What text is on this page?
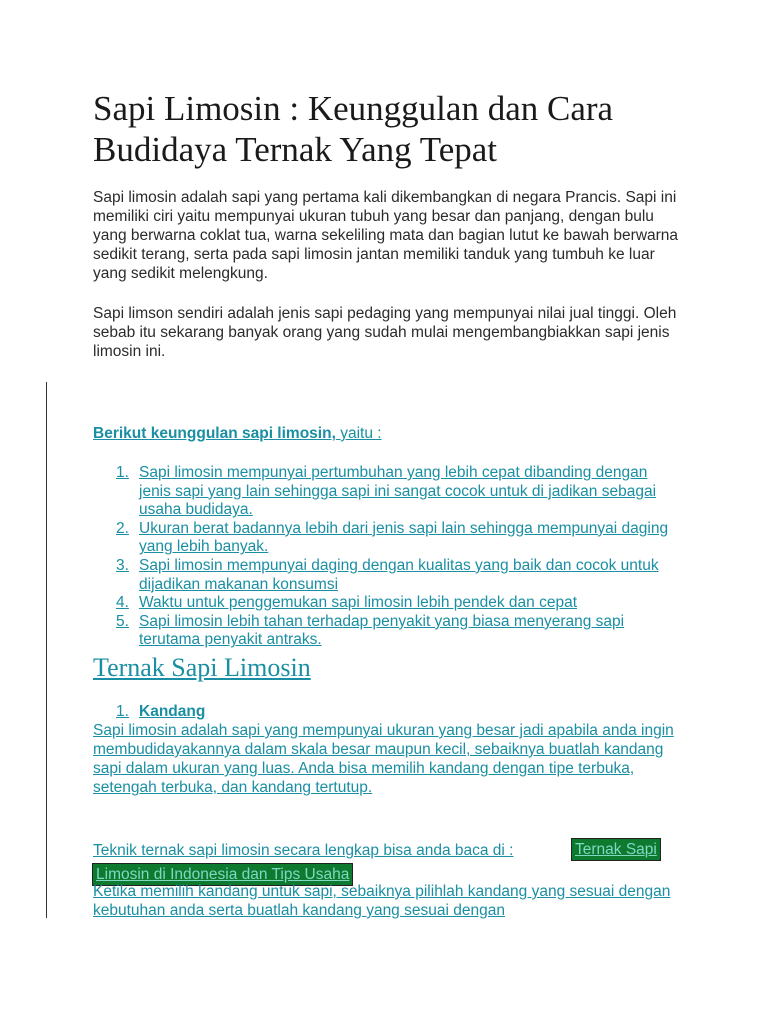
Sapi Limosin : Keunggulan dan Cara Budidaya Ternak Yang Tepat

Sapi limosin adalah sapi yang pertama kali dikembangkan di negara Prancis. Sapi ini memiliki ciri yaitu mempunyai ukuran tubuh yang besar dan panjang, dengan bulu yang berwarna coklat tua, warna sekeliling mata dan bagian lutut ke bawah berwarna sedikit terang, serta pada sapi limosin jantan memiliki tanduk yang tumbuh ke luar yang sedikit melengkung.

Sapi limson sendiri adalah jenis sapi pedaging yang mempunyai nilai jual tinggi. Oleh sebab itu sekarang banyak orang yang sudah mulai mengembangbiakkan sapi jenis limosin ini.

Berikut keunggulan sapi limosin, yaitu :
1. Sapi limosin mempunyai pertumbuhan yang lebih cepat dibanding dengan jenis sapi yang lain sehingga sapi ini sangat cocok untuk di jadikan sebagai usaha budidaya.
2. Ukuran berat badannya lebih dari jenis sapi lain sehingga mempunyai daging yang lebih banyak.
3. Sapi limosin mempunyai daging dengan kualitas yang baik dan cocok untuk dijadikan makanan konsumsi
4. Waktu untuk penggemukan sapi limosin lebih pendek dan cepat
5. Sapi limosin lebih tahan terhadap penyakit yang biasa menyerang sapi terutama penyakit antraks.
Ternak Sapi Limosin
1. Kandang

Sapi limosin adalah sapi yang mempunyai ukuran yang besar jadi apabila anda ingin membudidayakannya dalam skala besar maupun kecil, sebaiknya buatlah kandang sapi dalam ukuran yang luas. Anda bisa memilih kandang dengan tipe terbuka, setengah terbuka, dan kandang tertutup.

Teknik ternak sapi limosin secara lengkap bisa anda baca di :	Ternak Sapi
Limosin di Indonesia dan Tips Usaha

Ketika memilih kandang untuk sapi, sebaiknya pilihlah kandang yang sesuai dengan kebutuhan anda serta buatlah kandang yang sesuai dengan
